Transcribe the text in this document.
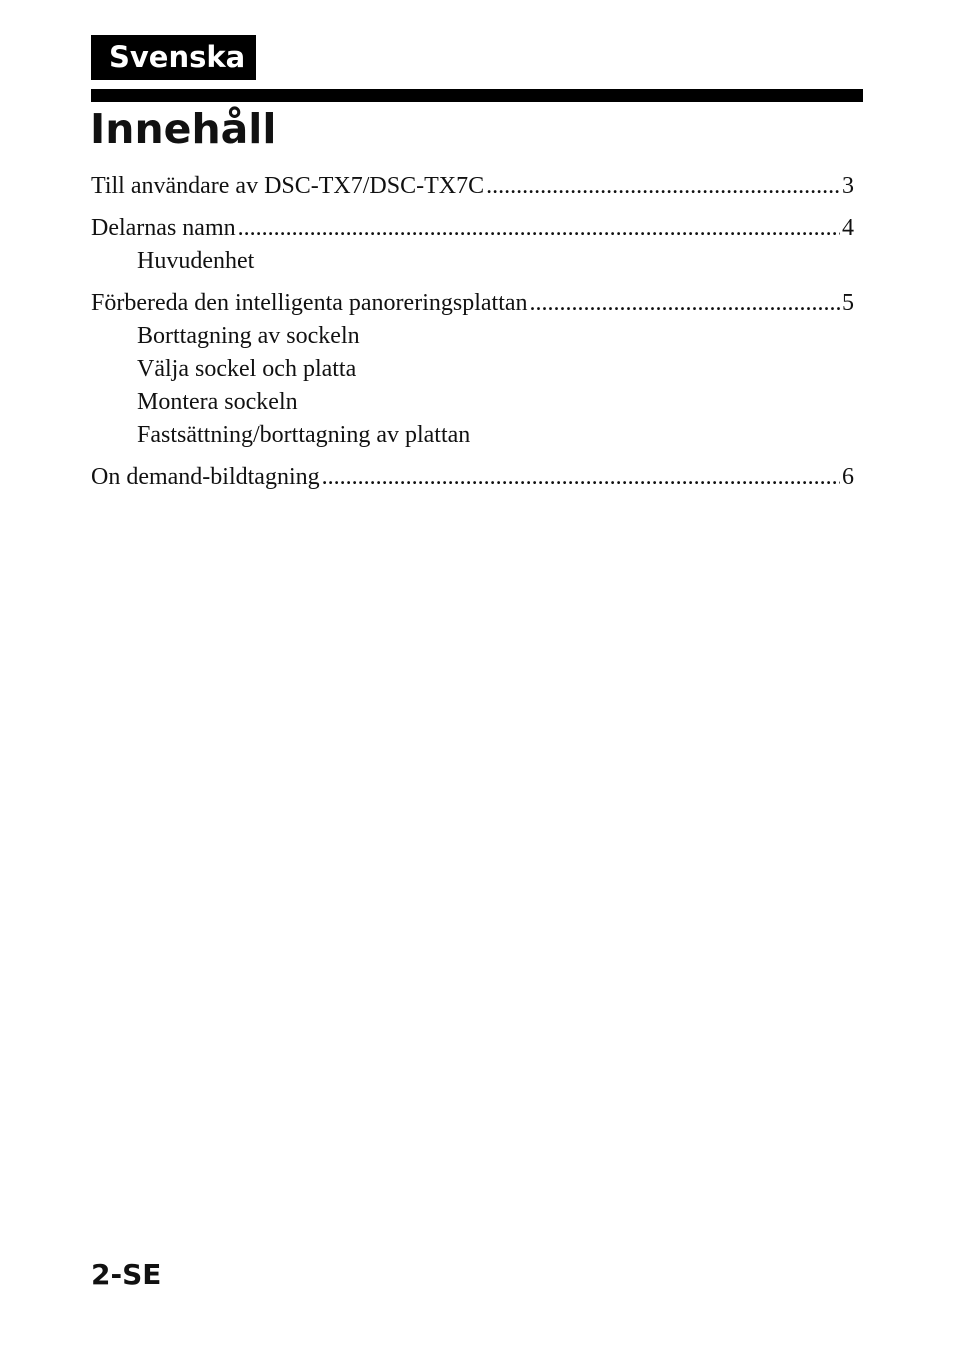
Svenska
Innehåll
Till användare av DSC-TX7/DSC-TX7C .....	3
Delarnas namn .....	4
Huvudenhet
Förbereda den intelligenta panoreringsplattan .....	5
Borttagning av sockeln
Välja sockel och platta
Montera sockeln
Fastsättning/borttagning av plattan
On demand-bildtagning .....	6
2-SE
